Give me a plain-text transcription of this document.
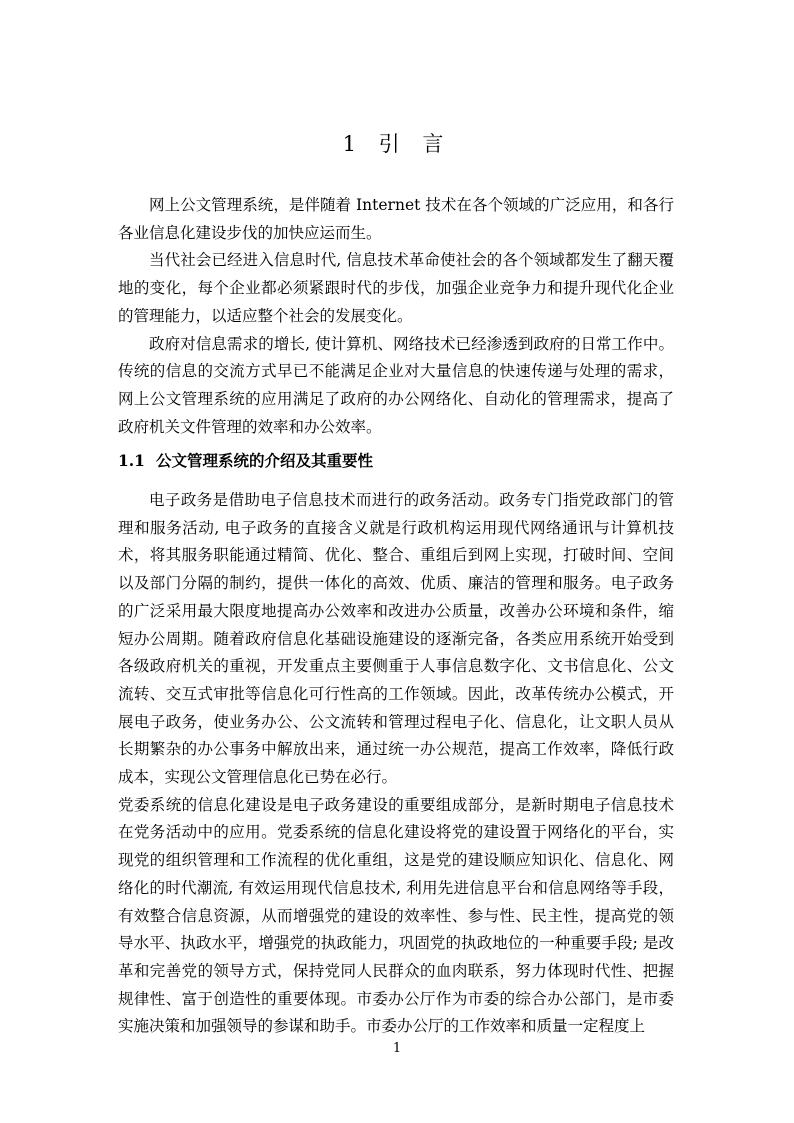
1 引 言

网上公文管理系统，是伴随着 Internet 技术在各个领域的广泛应用，和各行各业信息化建设步伐的加快应运而生。

当代社会已经进入信息时代, 信息技术革命使社会的各个领域都发生了翻天覆地的变化，每个企业都必须紧跟时代的步伐，加强企业竞争力和提升现代化企业的管理能力，以适应整个社会的发展变化。

政府对信息需求的增长, 使计算机、网络技术已经渗透到政府的日常工作中。传统的信息的交流方式早已不能满足企业对大量信息的快速传递与处理的需求，网上公文管理系统的应用满足了政府的办公网络化、自动化的管理需求，提高了政府机关文件管理的效率和办公效率。

1.1 公文管理系统的介绍及其重要性

电子政务是借助电子信息技术而进行的政务活动。政务专门指党政部门的管理和服务活动, 电子政务的直接含义就是行政机构运用现代网络通讯与计算机技术，将其服务职能通过精简、优化、整合、重组后到网上实现，打破时间、空间以及部门分隔的制约，提供一体化的高效、优质、廉洁的管理和服务。电子政务的广泛采用最大限度地提高办公效率和改进办公质量，改善办公环境和条件，缩短办公周期。随着政府信息化基础设施建设的逐渐完备，各类应用系统开始受到各级政府机关的重视，开发重点主要侧重于人事信息数字化、文书信息化、公文流转、交互式审批等信息化可行性高的工作领域。因此，改革传统办公模式，开展电子政务，使业务办公、公文流转和管理过程电子化、信息化，让文职人员从长期繁杂的办公事务中解放出来，通过统一办公规范，提高工作效率，降低行政成本，实现公文管理信息化已势在必行。

党委系统的信息化建设是电子政务建设的重要组成部分，是新时期电子信息技术在党务活动中的应用。党委系统的信息化建设将党的建设置于网络化的平台，实现党的组织管理和工作流程的优化重组，这是党的建设顺应知识化、信息化、网络化的时代潮流, 有效运用现代信息技术, 利用先进信息平台和信息网络等手段，有效整合信息资源，从而增强党的建设的效率性、参与性、民主性，提高党的领导水平、执政水平，增强党的执政能力，巩固党的执政地位的一种重要手段; 是改革和完善党的领导方式，保持党同人民群众的血肉联系，努力体现时代性、把握规律性、富于创造性的重要体现。市委办公厅作为市委的综合办公部门，是市委实施决策和加强领导的参谋和助手。市委办公厅的工作效率和质量一定程度上

1
